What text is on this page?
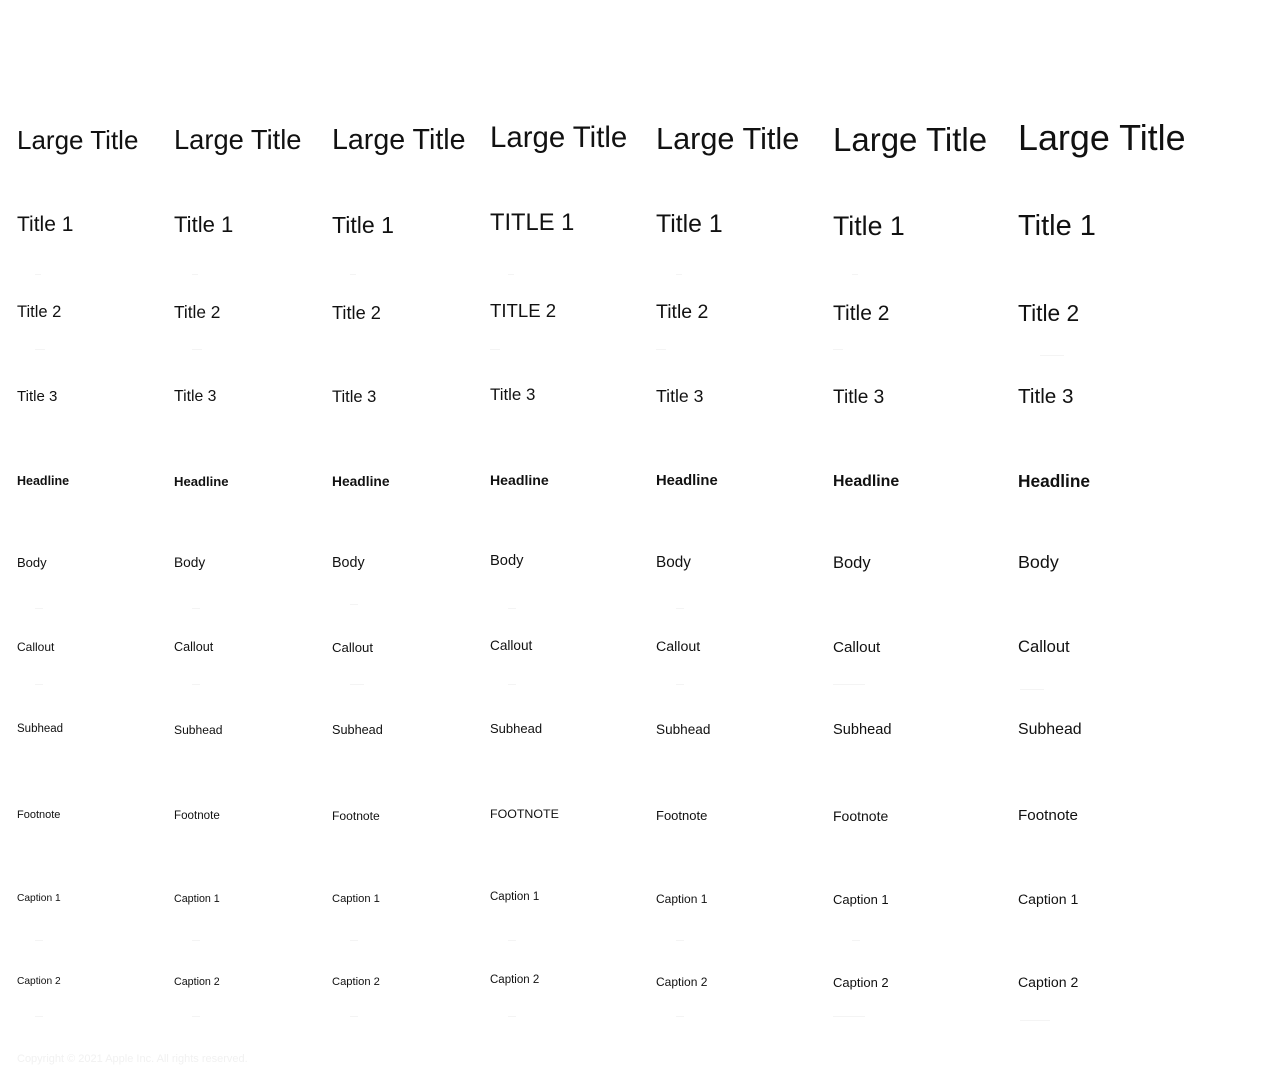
Large Title
Title 1
Title 2
Title 3
Headline
Body
Callout
Subhead
Footnote
Caption 1
Caption 2
Large Title
Title 1
Title 2
Title 3
Headline
Body
Callout
Subhead
Footnote
Caption 1
Caption 2
Large Title
Title 1
Title 2
Title 3
Headline
Body
Callout
Subhead
Footnote
Caption 1
Caption 2
Large Title
TITLE 1
TITLE 2
Title 3
Headline
Body
Callout
Subhead
FOOTNOTE
Caption 1
Caption 2
Large Title
Title 1
Title 2
Title 3
Headline
Body
Callout
Subhead
Footnote
Caption 1
Caption 2
Large Title
Title 1
Title 2
Title 3
Headline
Body
Callout
Subhead
Footnote
Caption 1
Caption 2
Large Title
Title 1
Title 2
Title 3
Headline
Body
Callout
Subhead
Footnote
Caption 1
Caption 2
Copyright © 2021 Apple Inc. All rights reserved.
